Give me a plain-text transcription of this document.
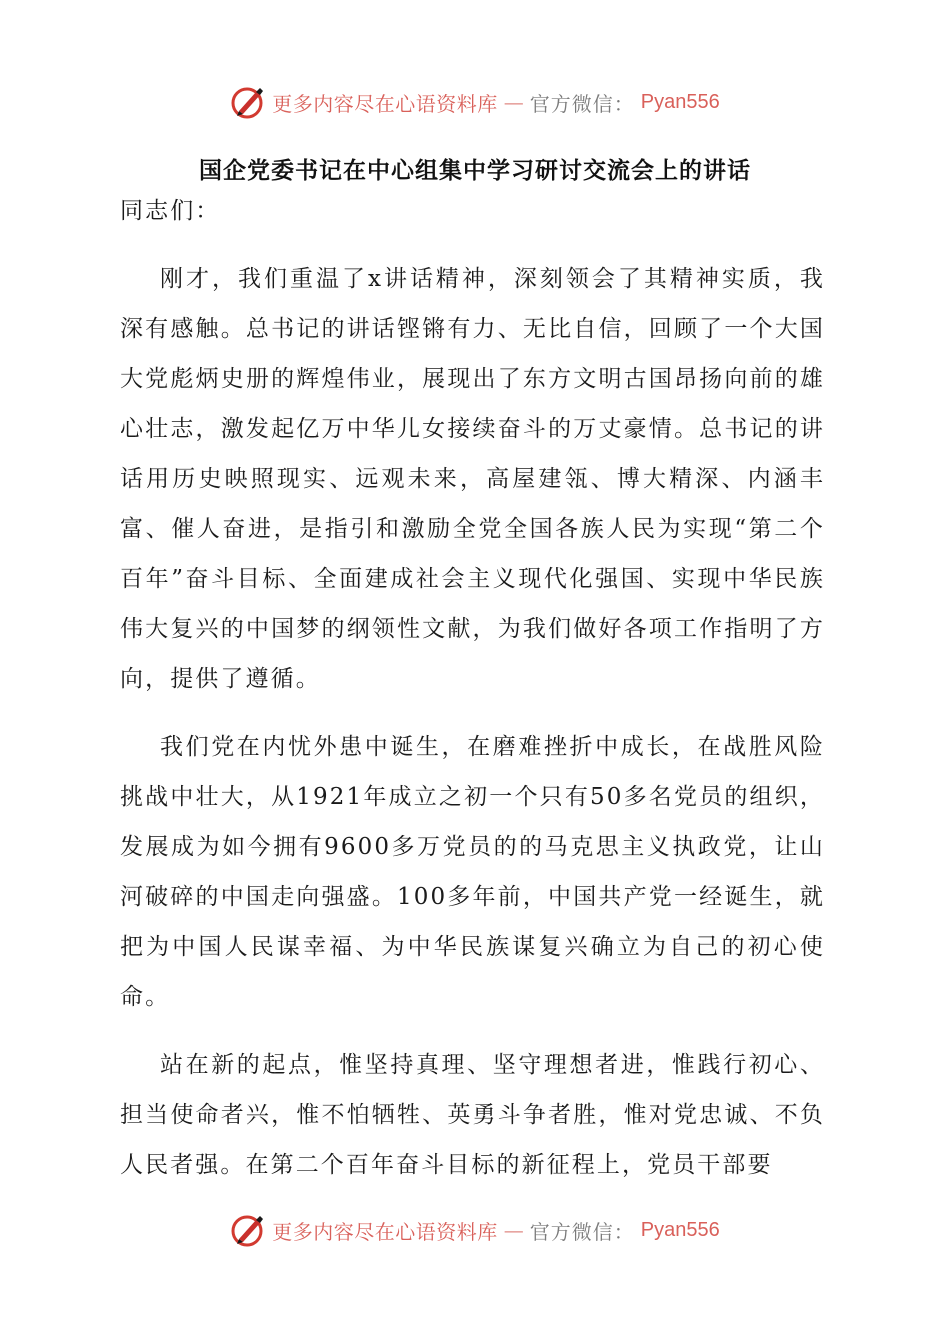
更多内容尽在心语资料库 — 官方微信： Pyan556
国企党委书记在中心组集中学习研讨交流会上的讲话

同志们：

刚才，我们重温了x讲话精神，深刻领会了其精神实质，我深有感触。总书记的讲话铿锵有力、无比自信，回顾了一个大国大党彪炳史册的辉煌伟业，展现出了东方文明古国昂扬向前的雄心壮志，激发起亿万中华儿女接续奋斗的万丈豪情。总书记的讲话用历史映照现实、远观未来，高屋建瓴、博大精深、内涵丰富、催人奋进，是指引和激励全党全国各族人民为实现“第二个百年”奋斗目标、全面建成社会主义现代化强国、实现中华民族伟大复兴的中国梦的纲领性文献，为我们做好各项工作指明了方向，提供了遵循。

我们党在内忧外患中诞生，在磨难挫折中成长，在战胜风险挑战中壮大，从1921年成立之初一个只有50多名党员的组织，发展成为如今拥有9600多万党员的的马克思主义执政党，让山河破碎的中国走向强盛。100多年前，中国共产党一经诞生，就把为中国人民谋幸福、为中华民族谋复兴确立为自己的初心使命。

站在新的起点，惟坚持真理、坚守理想者进，惟践行初心、担当使命者兴，惟不怕牺牲、英勇斗争者胜，惟对党忠诚、不负人民者强。在第二个百年奋斗目标的新征程上，党员干部要

更多内容尽在心语资料库 — 官方微信： Pyan556
